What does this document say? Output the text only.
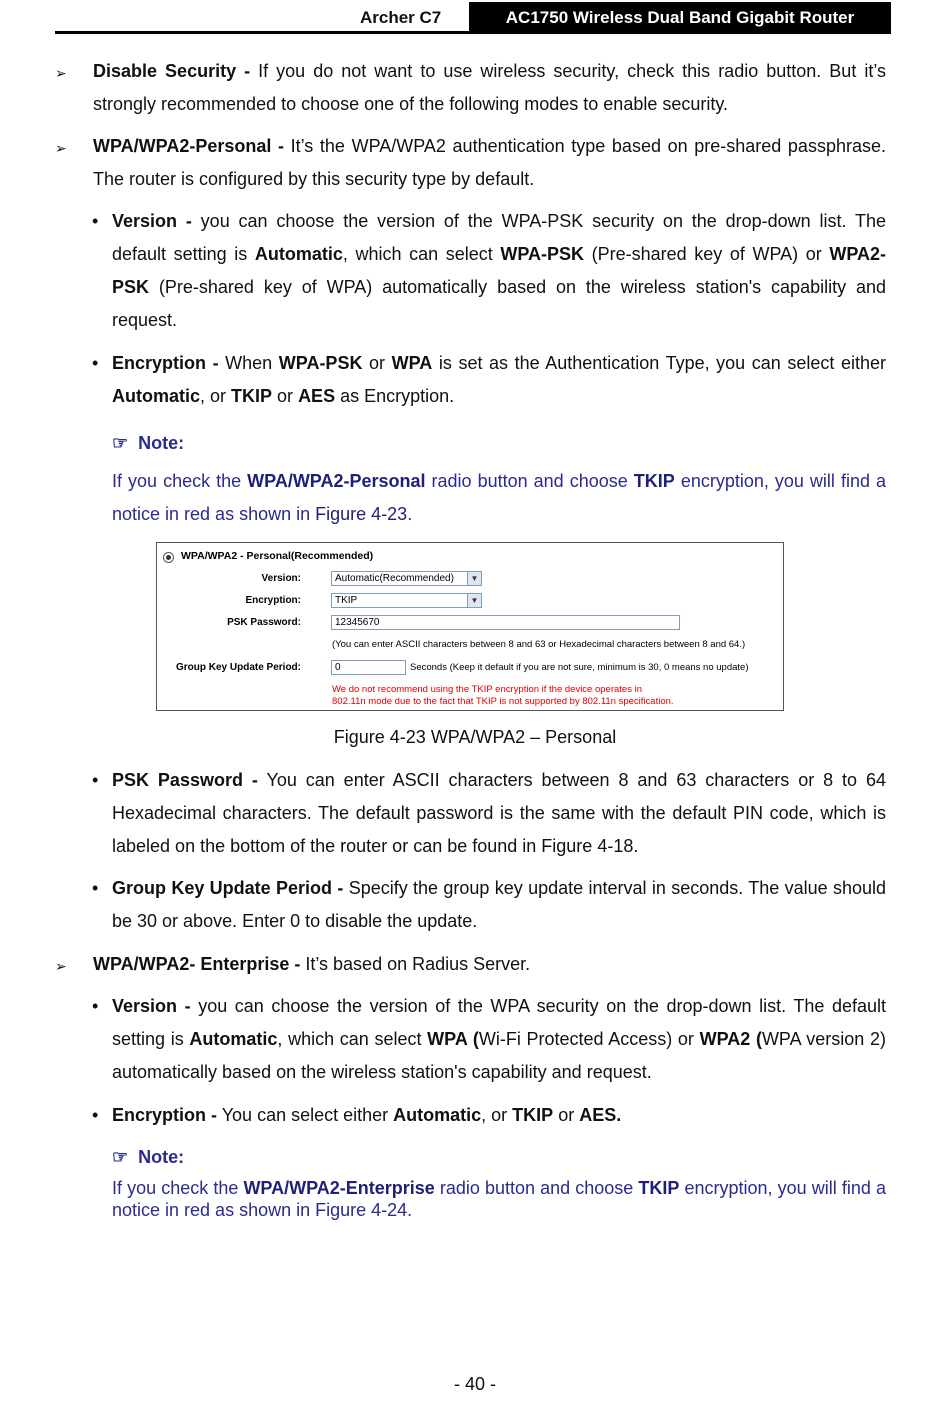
Archer C7	AC1750 Wireless Dual Band Gigabit Router
➢ Disable Security - If you do not want to use wireless security, check this radio button. But it’s strongly recommended to choose one of the following modes to enable security.
➢ WPA/WPA2-Personal - It’s the WPA/WPA2 authentication type based on pre-shared passphrase. The router is configured by this security type by default.
• Version - you can choose the version of the WPA-PSK security on the drop-down list. The default setting is Automatic, which can select WPA-PSK (Pre-shared key of WPA) or WPA2-PSK (Pre-shared key of WPA) automatically based on the wireless station's capability and request.
• Encryption - When WPA-PSK or WPA is set as the Authentication Type, you can select either Automatic, or TKIP or AES as Encryption.
☞ Note:
If you check the WPA/WPA2-Personal radio button and choose TKIP encryption, you will find a notice in red as shown in Figure 4-23.
WPA/WPA2 - Personal(Recommended)
Version:	Automatic(Recommended)	▼
Encryption:	TKIP	▼
PSK Password:	12345670
(You can enter ASCII characters between 8 and 63 or Hexadecimal characters between 8 and 64.)
Group Key Update Period:	0	Seconds (Keep it default if you are not sure, minimum is 30, 0 means no update)
We do not recommend using the TKIP encryption if the device operates in
802.11n mode due to the fact that TKIP is not supported by 802.11n specification.
Figure 4-23 WPA/WPA2 – Personal
• PSK Password - You can enter ASCII characters between 8 and 63 characters or 8 to 64 Hexadecimal characters. The default password is the same with the default PIN code, which is labeled on the bottom of the router or can be found in Figure 4-18.
• Group Key Update Period - Specify the group key update interval in seconds. The value should be 30 or above. Enter 0 to disable the update.
➢ WPA/WPA2- Enterprise - It’s based on Radius Server.
• Version - you can choose the version of the WPA security on the drop-down list. The default setting is Automatic, which can select WPA (Wi-Fi Protected Access) or WPA2 (WPA version 2) automatically based on the wireless station's capability and request.
• Encryption - You can select either Automatic, or TKIP or AES.
☞ Note:
If you check the WPA/WPA2-Enterprise radio button and choose TKIP encryption, you will find a notice in red as shown in Figure 4-24.
- 40 -
